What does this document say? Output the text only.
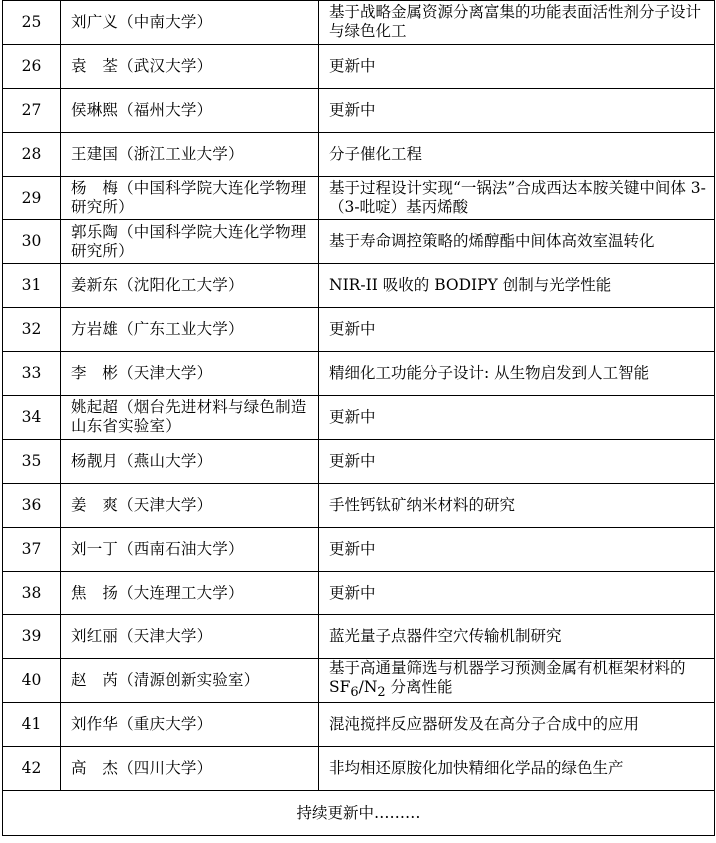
25	刘广义（中南大学）	基于战略金属资源分离富集的功能表面活性剂分子设计与绿色化工
26	袁　荃（武汉大学）	更新中
27	侯琳熙（福州大学）	更新中
28	王建国（浙江工业大学）	分子催化工程
29	杨　梅（中国科学院大连化学物理研究所）	基于过程设计实现“一锅法”合成西达本胺关键中间体 3-（3-吡啶）基丙烯酸
30	郭乐陶（中国科学院大连化学物理研究所）	基于寿命调控策略的烯醇酯中间体高效室温转化
31	姜新东（沈阳化工大学）	NIR-II 吸收的 BODIPY 创制与光学性能
32	方岩雄（广东工业大学）	更新中
33	李　彬（天津大学）	精细化工功能分子设计: 从生物启发到人工智能
34	姚起超（烟台先进材料与绿色制造山东省实验室）	更新中
35	杨靓月（燕山大学）	更新中
36	姜　爽（天津大学）	手性钙钛矿纳米材料的研究
37	刘一丁（西南石油大学）	更新中
38	焦　扬（大连理工大学）	更新中
39	刘红丽（天津大学）	蓝光量子点器件空穴传输机制研究
40	赵　芮（清源创新实验室）	基于高通量筛选与机器学习预测金属有机框架材料的 $SF_6/N_2$ 分离性能
41	刘作华（重庆大学）	混沌搅拌反应器研发及在高分子合成中的应用
42	高　杰（四川大学）	非均相还原胺化加快精细化学品的绿色生产
持续更新中………		
